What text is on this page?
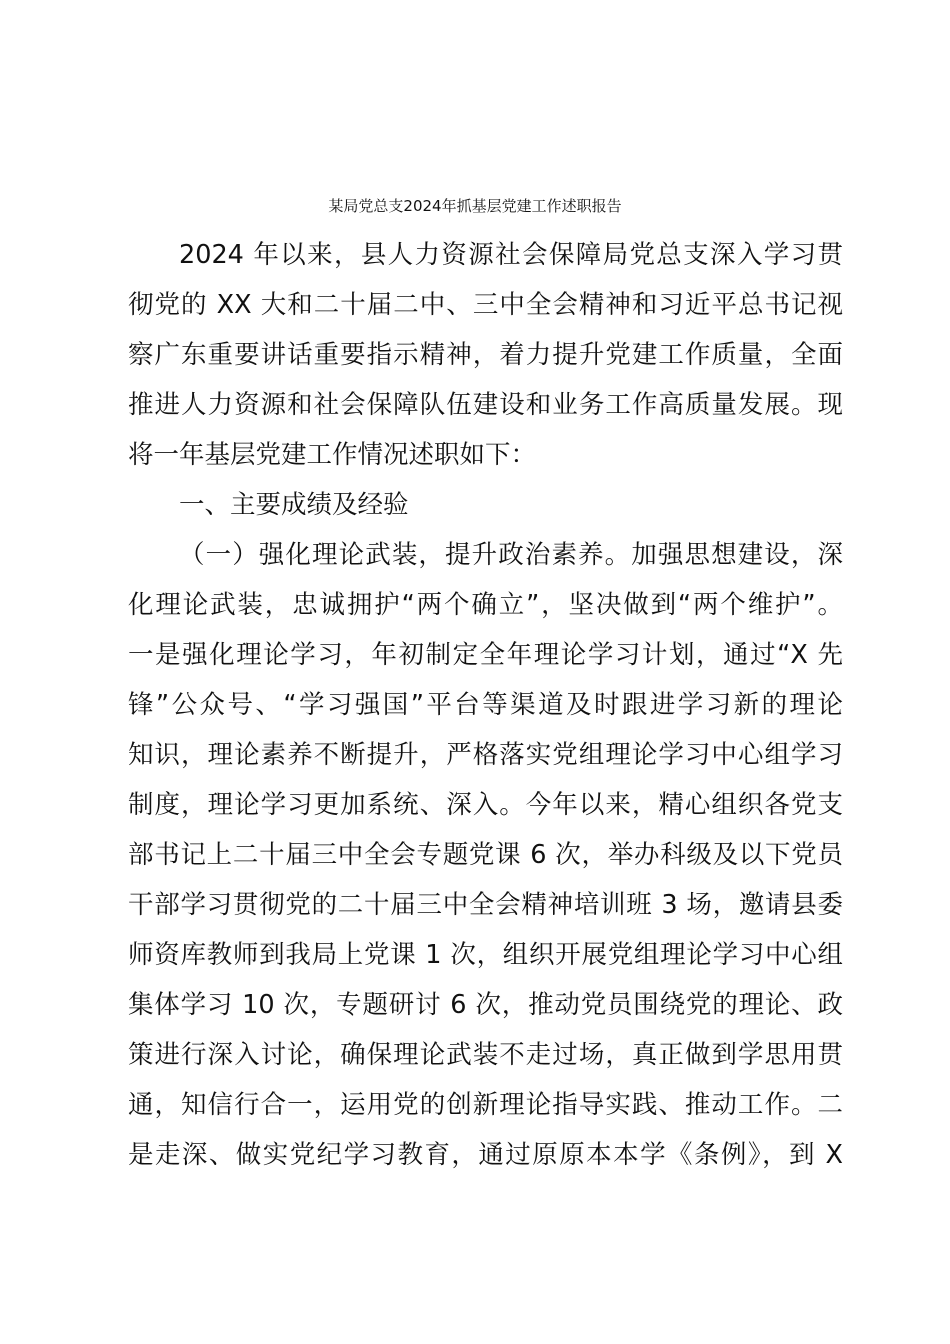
某局党总支2024年抓基层党建工作述职报告
2024 年以来，县人力资源社会保障局党总支深入学习贯
彻党的 XX 大和二十届二中、三中全会精神和习近平总书记视
察广东重要讲话重要指示精神，着力提升党建工作质量，全面
推进人力资源和社会保障队伍建设和业务工作高质量发展。现
将一年基层党建工作情况述职如下：
一、主要成绩及经验
（一）强化理论武装，提升政治素养。加强思想建设，深
化理论武装，忠诚拥护“两个确立”，坚决做到“两个维护”。
一是强化理论学习，年初制定全年理论学习计划，通过“X 先
锋”公众号、“学习强国”平台等渠道及时跟进学习新的理论
知识，理论素养不断提升，严格落实党组理论学习中心组学习
制度，理论学习更加系统、深入。今年以来，精心组织各党支
部书记上二十届三中全会专题党课 6 次，举办科级及以下党员
干部学习贯彻党的二十届三中全会精神培训班 3 场，邀请县委
师资库教师到我局上党课 1 次，组织开展党组理论学习中心组
集体学习 10 次，专题研讨 6 次，推动党员围绕党的理论、政
策进行深入讨论，确保理论武装不走过场，真正做到学思用贯
通，知信行合一，运用党的创新理论指导实践、推动工作。二
是走深、做实党纪学习教育，通过原原本本学《条例》，到 X
